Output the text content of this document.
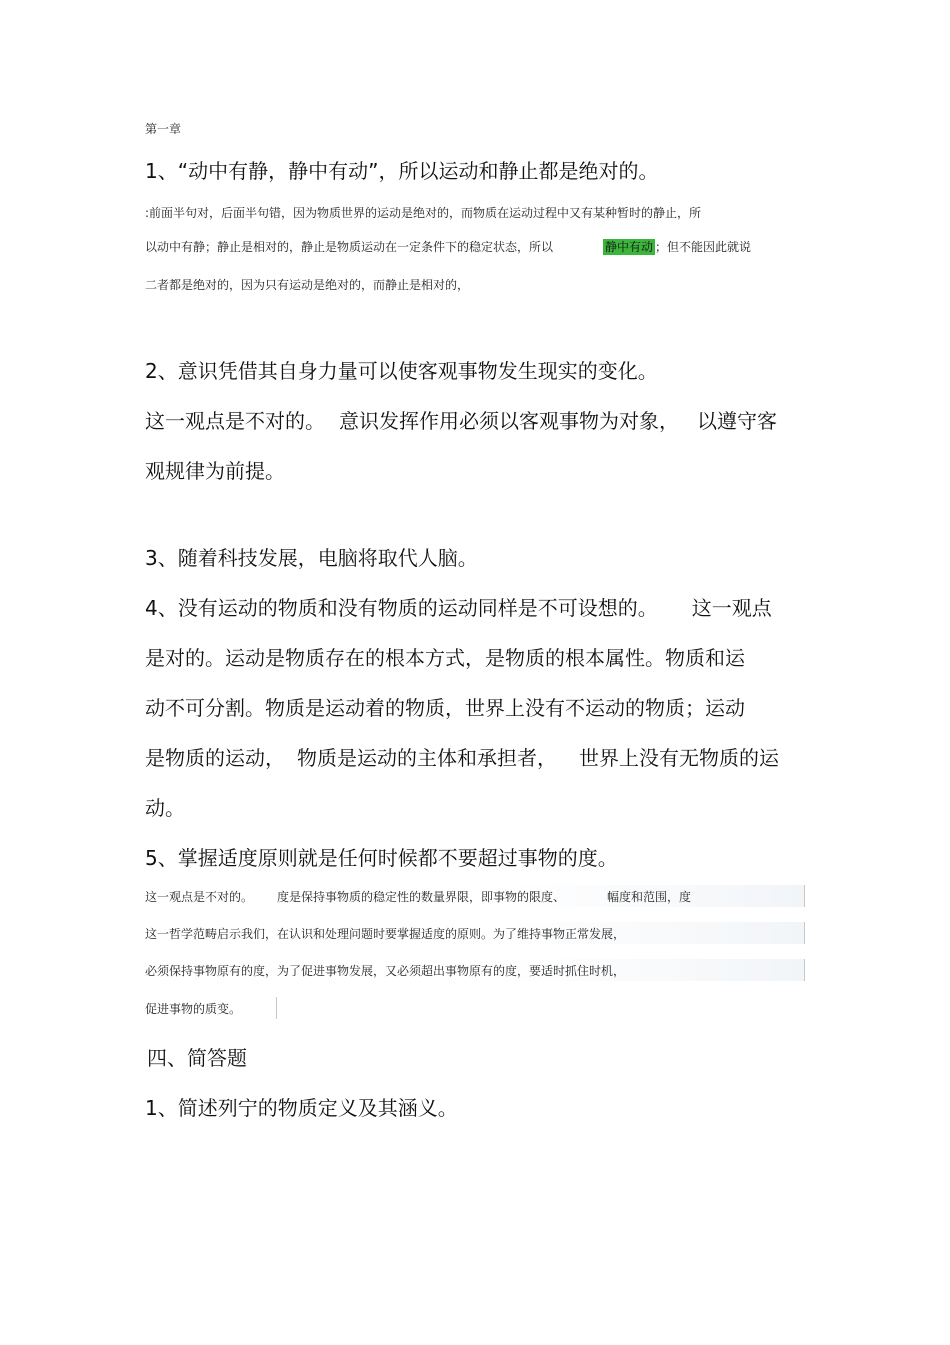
第一章
1、“动中有静，静中有动”，所以运动和静止都是绝对的。
:前面半句对，后面半句错，因为物质世界的运动是绝对的，而物质在运动过程中又有某种暂时的静止，所
以动中有静；静止是相对的，静止是物质运动在一定条件下的稳定状态，所以	静中有动 ；但不能因此就说
二者都是绝对的，因为只有运动是绝对的，而静止是相对的，
2、意识凭借其自身力量可以使客观事物发生现实的变化。
这一观点是不对的。 意识发挥作用必须以客观事物为对象， 以遵守客
观规律为前提。
3、随着科技发展，电脑将取代人脑。
4、没有运动的物质和没有物质的运动同样是不可设想的。 这一观点
是对的。运动是物质存在的根本方式，是物质的根本属性。物质和运
动不可分割。物质是运动着的物质，世界上没有不运动的物质；运动
是物质的运动， 物质是运动的主体和承担者， 世界上没有无物质的运
动。
5、掌握适度原则就是任何时候都不要超过事物的度。
这一观点是不对的。 度是保持事物质的稳定性的数量界限，即事物的限度、	幅度和范围，度
这一哲学范畴启示我们，在认识和处理问题时要掌握适度的原则。为了维持事物正常发展，
必须保持事物原有的度，为了促进事物发展，又必须超出事物原有的度，要适时抓住时机，
促进事物的质变。
四、简答题
1、简述列宁的物质定义及其涵义。
